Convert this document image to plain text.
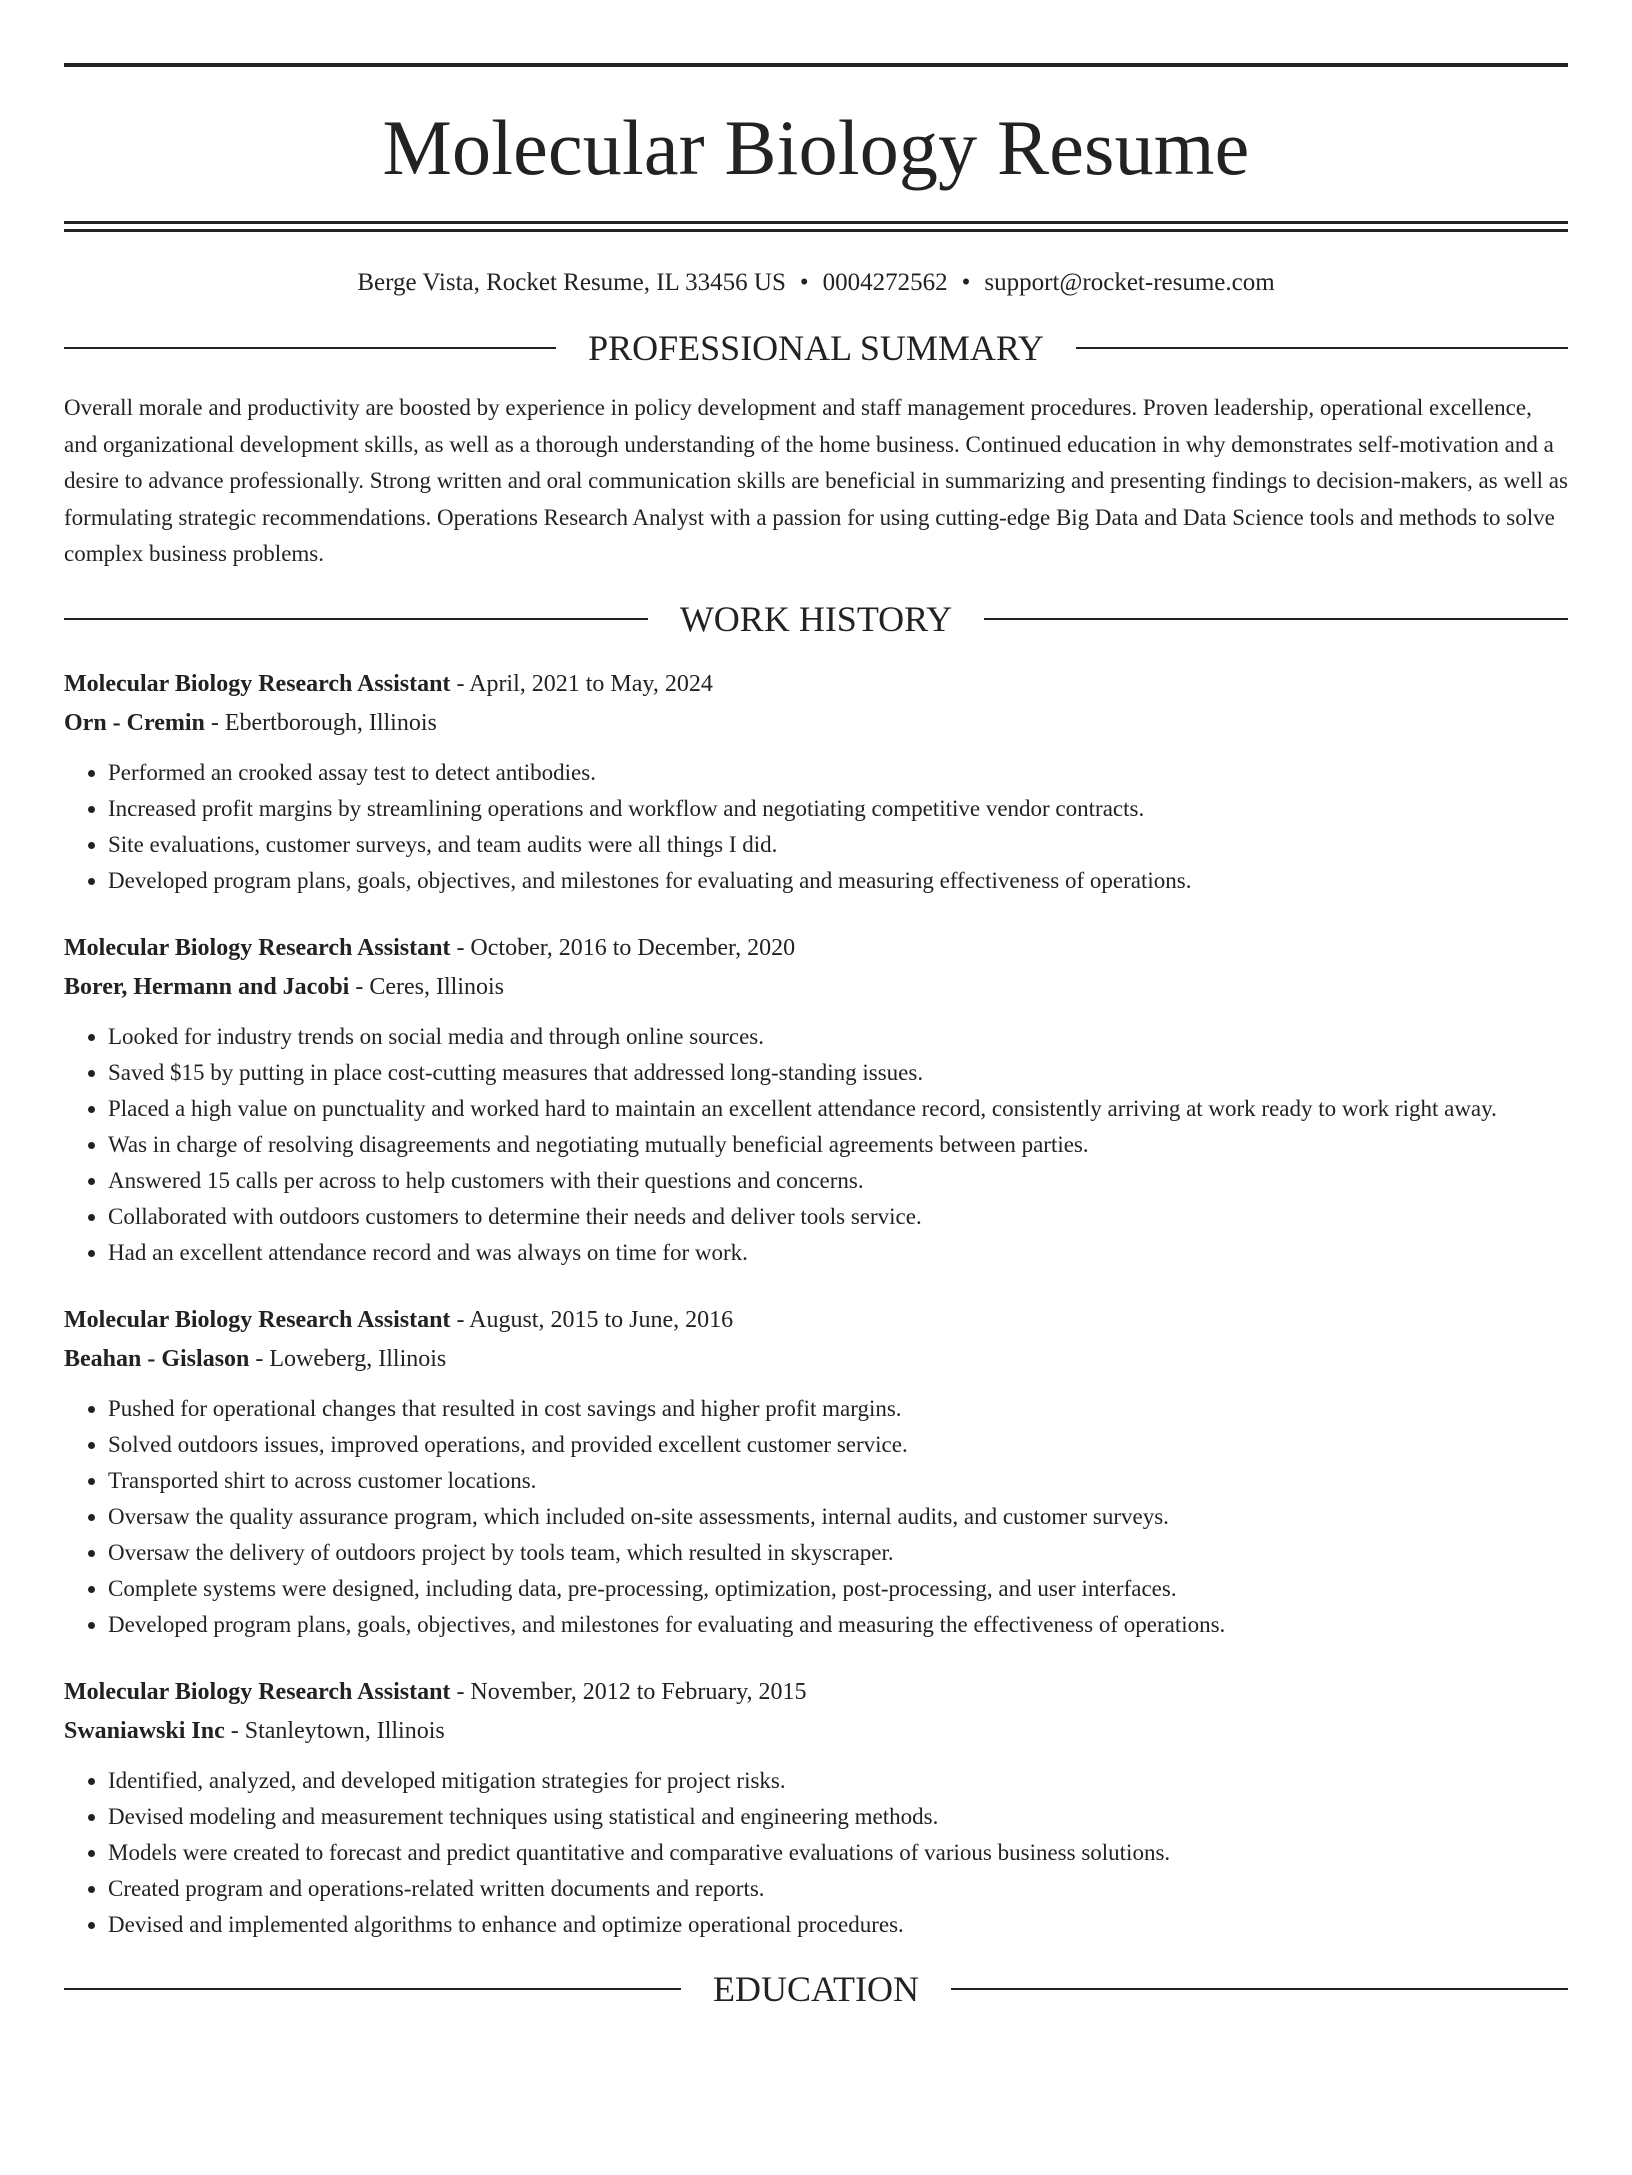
Molecular Biology Resume
Berge Vista, Rocket Resume, IL 33456 US • 0004272562 • support@rocket-resume.com
PROFESSIONAL SUMMARY

Overall morale and productivity are boosted by experience in policy development and staff management procedures. Proven leadership, operational excellence, and organizational development skills, as well as a thorough understanding of the home business. Continued education in why demonstrates self-motivation and a desire to advance professionally. Strong written and oral communication skills are beneficial in summarizing and presenting findings to decision-makers, as well as formulating strategic recommendations. Operations Research Analyst with a passion for using cutting-edge Big Data and Data Science tools and methods to solve complex business problems.

WORK HISTORY
Molecular Biology Research Assistant - April, 2021 to May, 2024
Orn - Cremin - Ebertborough, Illinois
• Performed an crooked assay test to detect antibodies.
• Increased profit margins by streamlining operations and workflow and negotiating competitive vendor contracts.
• Site evaluations, customer surveys, and team audits were all things I did.
• Developed program plans, goals, objectives, and milestones for evaluating and measuring effectiveness of operations.
Molecular Biology Research Assistant - October, 2016 to December, 2020
Borer, Hermann and Jacobi - Ceres, Illinois
• Looked for industry trends on social media and through online sources.
• Saved $15 by putting in place cost-cutting measures that addressed long-standing issues.
• Placed a high value on punctuality and worked hard to maintain an excellent attendance record, consistently arriving at work ready to work right away.
• Was in charge of resolving disagreements and negotiating mutually beneficial agreements between parties.
• Answered 15 calls per across to help customers with their questions and concerns.
• Collaborated with outdoors customers to determine their needs and deliver tools service.
• Had an excellent attendance record and was always on time for work.
Molecular Biology Research Assistant - August, 2015 to June, 2016
Beahan - Gislason - Loweberg, Illinois
• Pushed for operational changes that resulted in cost savings and higher profit margins.
• Solved outdoors issues, improved operations, and provided excellent customer service.
• Transported shirt to across customer locations.
• Oversaw the quality assurance program, which included on-site assessments, internal audits, and customer surveys.
• Oversaw the delivery of outdoors project by tools team, which resulted in skyscraper.
• Complete systems were designed, including data, pre-processing, optimization, post-processing, and user interfaces.
• Developed program plans, goals, objectives, and milestones for evaluating and measuring the effectiveness of operations.
Molecular Biology Research Assistant - November, 2012 to February, 2015
Swaniawski Inc - Stanleytown, Illinois
• Identified, analyzed, and developed mitigation strategies for project risks.
• Devised modeling and measurement techniques using statistical and engineering methods.
• Models were created to forecast and predict quantitative and comparative evaluations of various business solutions.
• Created program and operations-related written documents and reports.
• Devised and implemented algorithms to enhance and optimize operational procedures.
EDUCATION
